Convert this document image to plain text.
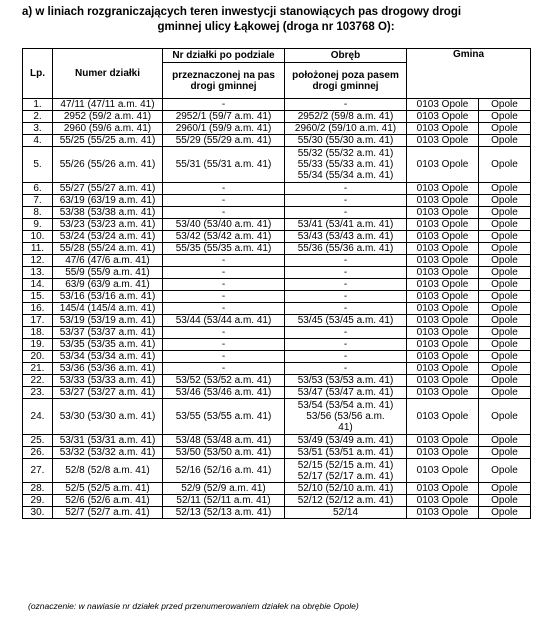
a) w liniach rozgraniczających teren inwestycji stanowiących pas drogowy drogi
gminnej ulicy Łąkowej (droga nr 103768 O):
Lp.	Numer działki	Nr działki po podziale	Obręb	Gmina	
		przeznaczonej na pas drogi gminnej	położonej poza pasem drogi gminnej		
1.	47/11 (47/11 a.m. 41)	-	-	0103 Opole	Opole
2.	2952 (59/2 a.m. 41)	2952/1 (59/7 a.m. 41)	2952/2 (59/8 a.m. 41)	0103 Opole	Opole
3.	2960 (59/6 a.m. 41)	2960/1 (59/9 a.m. 41)	2960/2 (59/10 a.m. 41)	0103 Opole	Opole
4.	55/25 (55/25 a.m. 41)	55/29 (55/29 a.m. 41)	55/30 (55/30 a.m. 41)	0103 Opole	Opole
5.	55/26 (55/26 a.m. 41)	55/31 (55/31 a.m. 41)	55/32 (55/32 a.m. 41)
55/33 (55/33 a.m. 41)
55/34 (55/34 a.m. 41)	0103 Opole	Opole
6.	55/27 (55/27 a.m. 41)	-	-	0103 Opole	Opole
7.	63/19 (63/19 a.m. 41)	-	-	0103 Opole	Opole
8.	53/38 (53/38 a.m. 41)	-	-	0103 Opole	Opole
9.	53/23 (53/23 a.m. 41)	53/40 (53/40 a.m. 41)	53/41 (53/41 a.m. 41)	0103 Opole	Opole
10.	53/24 (53/24 a.m. 41)	53/42 (53/42 a.m. 41)	53/43 (53/43 a.m. 41)	0103 Opole	Opole
11.	55/28 (55/24 a.m. 41)	55/35 (55/35 a.m. 41)	55/36 (55/36 a.m. 41)	0103 Opole	Opole
12.	47/6 (47/6 a.m. 41)	-	-	0103 Opole	Opole
13.	55/9 (55/9 a.m. 41)	-	-	0103 Opole	Opole
14.	63/9 (63/9 a.m. 41)	-	-	0103 Opole	Opole
15.	53/16 (53/16 a.m. 41)	-	-	0103 Opole	Opole
16.	145/4 (145/4 a.m. 41)	-	-	0103 Opole	Opole
17.	53/19 (53/19 a.m. 41)	53/44 (53/44 a.m. 41)	53/45 (53/45 a.m. 41)	0103 Opole	Opole
18.	53/37 (53/37 a.m. 41)	-	-	0103 Opole	Opole
19.	53/35 (53/35 a.m. 41)	-	-	0103 Opole	Opole
20.	53/34 (53/34 a.m. 41)	-	-	0103 Opole	Opole
21.	53/36 (53/36 a.m. 41)	-	-	0103 Opole	Opole
22.	53/33 (53/33 a.m. 41)	53/52 (53/52 a.m. 41)	53/53 (53/53 a.m. 41)	0103 Opole	Opole
23.	53/27 (53/27 a.m. 41)	53/46 (53/46 a.m. 41)	53/47 (53/47 a.m. 41)	0103 Opole	Opole
24.	53/30 (53/30 a.m. 41)	53/55 (53/55 a.m. 41)	53/54 (53/54 a.m. 41)
53/56 (53/56 a.m.
41)	0103 Opole	Opole
25.	53/31 (53/31 a.m. 41)	53/48 (53/48 a.m. 41)	53/49 (53/49 a.m. 41)	0103 Opole	Opole
26.	53/32 (53/32 a.m. 41)	53/50 (53/50 a.m. 41)	53/51 (53/51 a.m. 41)	0103 Opole	Opole
27.	52/8 (52/8 a.m. 41)	52/16 (52/16 a.m. 41)	52/15 (52/15 a.m. 41)
52/17 (52/17 a.m. 41)	0103 Opole	Opole
28.	52/5 (52/5 a.m. 41)	52/9 (52/9 a.m. 41)	52/10 (52/10 a.m. 41)	0103 Opole	Opole
29.	52/6 (52/6 a.m. 41)	52/11 (52/11 a.m. 41)	52/12 (52/12 a.m. 41)	0103 Opole	Opole
30.	52/7 (52/7 a.m. 41)	52/13 (52/13 a.m. 41)	52/14	0103 Opole	Opole
(oznaczenie: w nawiasie nr działek przed przenumerowaniem działek na obrębie Opole)
